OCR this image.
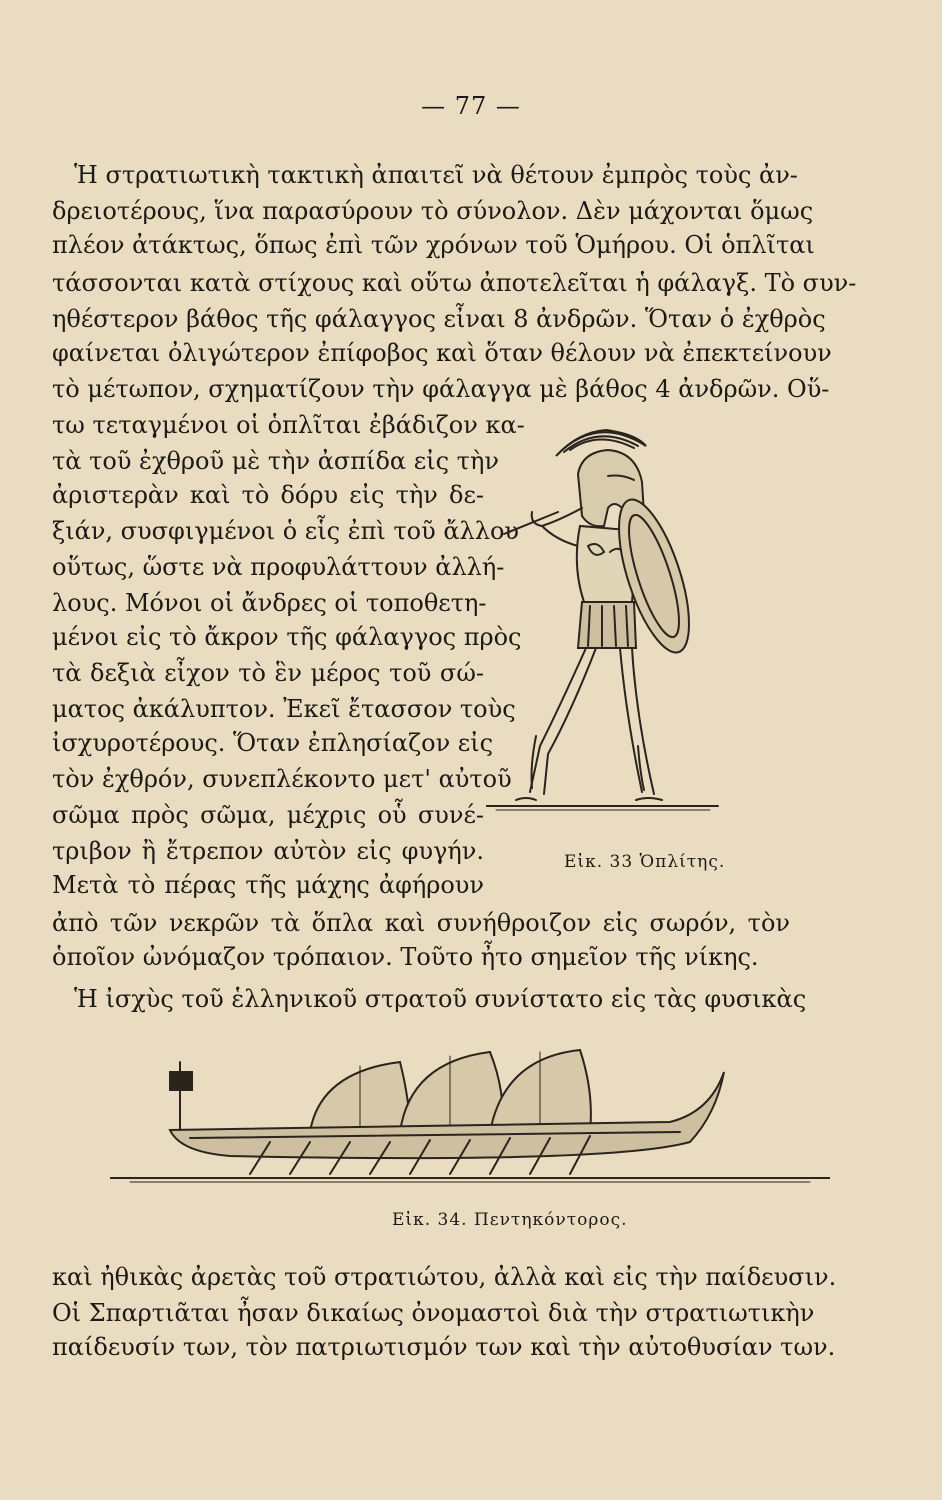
— 77 —
Ἡ στρατιωτικὴ τακτικὴ ἀπαιτεῖ νὰ θέτουν ἐμπρὸς τοὺς ἀν-
δρειοτέρους, ἵνα παρασύρουν τὸ σύνολον. Δὲν μάχονται ὅμως
πλέον ἀτάκτως, ὅπως ἐπὶ τῶν χρόνων τοῦ Ὁμήρου. Οἱ ὁπλῖται
τάσσονται κατὰ στίχους καὶ οὕτω ἀποτελεῖται ἡ φάλαγξ. Τὸ συν-
ηθέστερον βάθος τῆς φάλαγγος εἶναι 8 ἀνδρῶν. Ὅταν ὁ ἐχθρὸς
φαίνεται ὀλιγώτερον ἐπίφοβος καὶ ὅταν θέλουν νὰ ἐπεκτείνουν
τὸ μέτωπον, σχηματίζουν τὴν φάλαγγα μὲ βάθος 4 ἀνδρῶν. Οὕ-
τω τεταγμένοι οἱ ὁπλῖται ἐβάδιζον κα-
τὰ τοῦ ἐχθροῦ μὲ τὴν ἀσπίδα εἰς τὴν
ἀριστερὰν καὶ τὸ δόρυ εἰς τὴν δε-
ξιάν, συσφιγμένοι ὁ εἷς ἐπὶ τοῦ ἄλλου
οὕτως, ὥστε νὰ προφυλάττουν ἀλλή-
λους. Μόνοι οἱ ἄνδρες οἱ τοποθετη-
μένοι εἰς τὸ ἄκρον τῆς φάλαγγος πρὸς
τὰ δεξιὰ εἶχον τὸ ἓν μέρος τοῦ σώ-
ματος ἀκάλυπτον. Ἐκεῖ ἔτασσον τοὺς
ἰσχυροτέρους. Ὅταν ἐπλησίαζον εἰς
τὸν ἐχθρόν, συνεπλέκοντο μετ' αὐτοῦ
σῶμα πρὸς σῶμα, μέχρις οὗ συνέ-
τριβον ἢ ἔτρεπον αὐτὸν εἰς φυγήν.
Μετὰ τὸ πέρας τῆς μάχης ἀφήρουν
ἀπὸ τῶν νεκρῶν τὰ ὅπλα καὶ συνήθροιζον εἰς σωρόν, τὸν
ὁποῖον ὠνόμαζον τρόπαιον. Τοῦτο ἦτο σημεῖον τῆς νίκης.
Εἰκ. 33 Ὁπλίτης.
Ἡ ἰσχὺς τοῦ ἑλληνικοῦ στρατοῦ συνίστατο εἰς τὰς φυσικὰς
Εἰκ. 34. Πεντηκόντορος.
καὶ ἠθικὰς ἀρετὰς τοῦ στρατιώτου, ἀλλὰ καὶ εἰς τὴν παίδευσιν.
Οἱ Σπαρτιᾶται ἦσαν δικαίως ὀνομαστοὶ διὰ τὴν στρατιωτικὴν
παίδευσίν των, τὸν πατριωτισμόν των καὶ τὴν αὐτοθυσίαν των.
